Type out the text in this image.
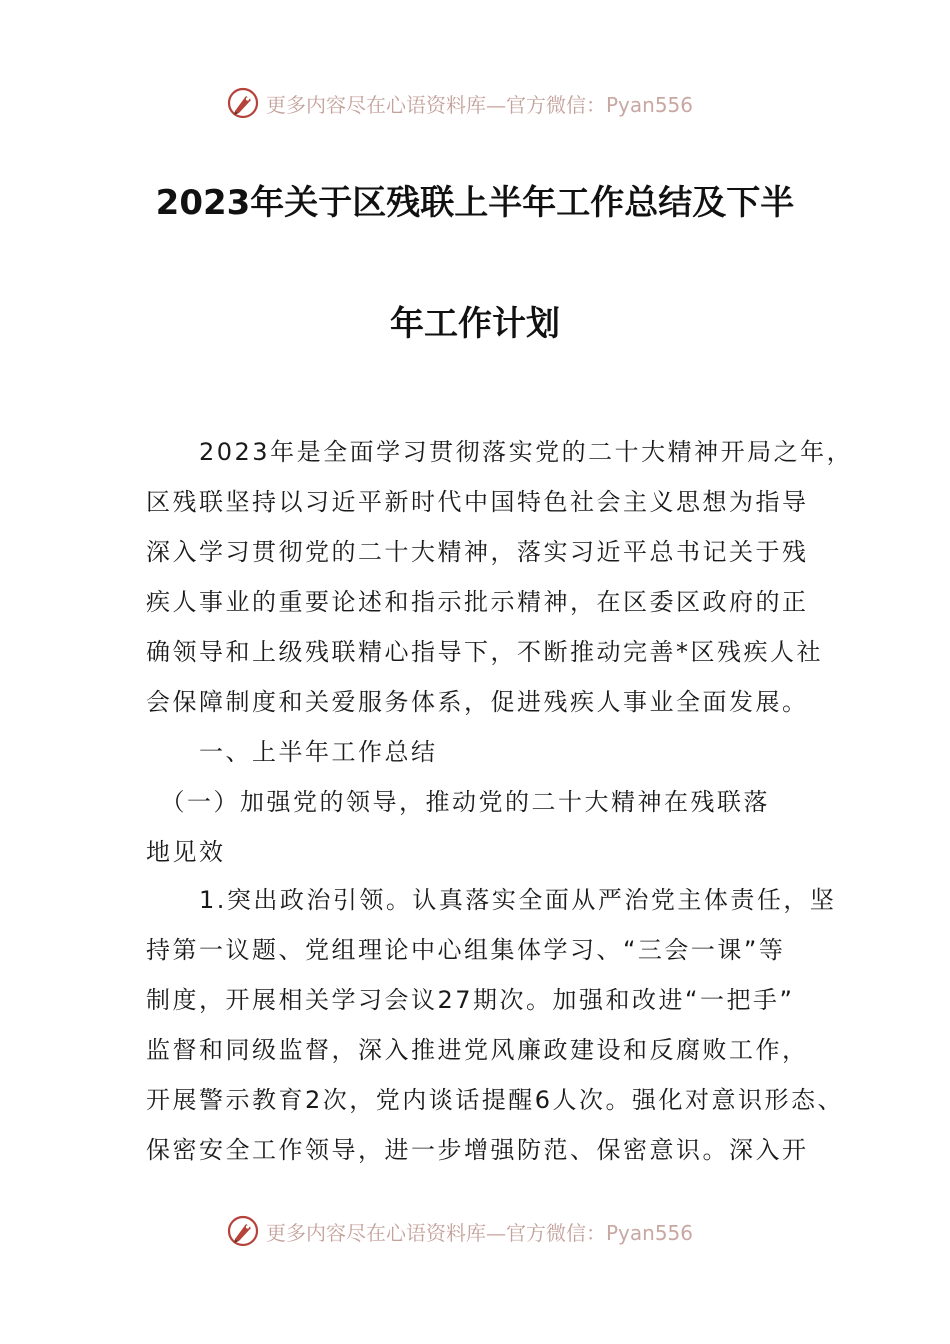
更多内容尽在心语资料库—官方微信：Pyan556
2023年关于区残联上半年工作总结及下半
年工作计划
　　2023年是全面学习贯彻落实党的二十大精神开局之年，
区残联坚持以习近平新时代中国特色社会主义思想为指导
深入学习贯彻党的二十大精神，落实习近平总书记关于残
疾人事业的重要论述和指示批示精神，在区委区政府的正
确领导和上级残联精心指导下，不断推动完善*区残疾人社
会保障制度和关爱服务体系，促进残疾人事业全面发展。
　　一、上半年工作总结
　（一）加强党的领导，推动党的二十大精神在残联落
地见效
　　1.突出政治引领。认真落实全面从严治党主体责任，坚
持第一议题、党组理论中心组集体学习、“三会一课”等
制度，开展相关学习会议27期次。加强和改进“一把手”
监督和同级监督，深入推进党风廉政建设和反腐败工作，
开展警示教育2次，党内谈话提醒6人次。强化对意识形态、
保密安全工作领导，进一步增强防范、保密意识。深入开
更多内容尽在心语资料库—官方微信：Pyan556
